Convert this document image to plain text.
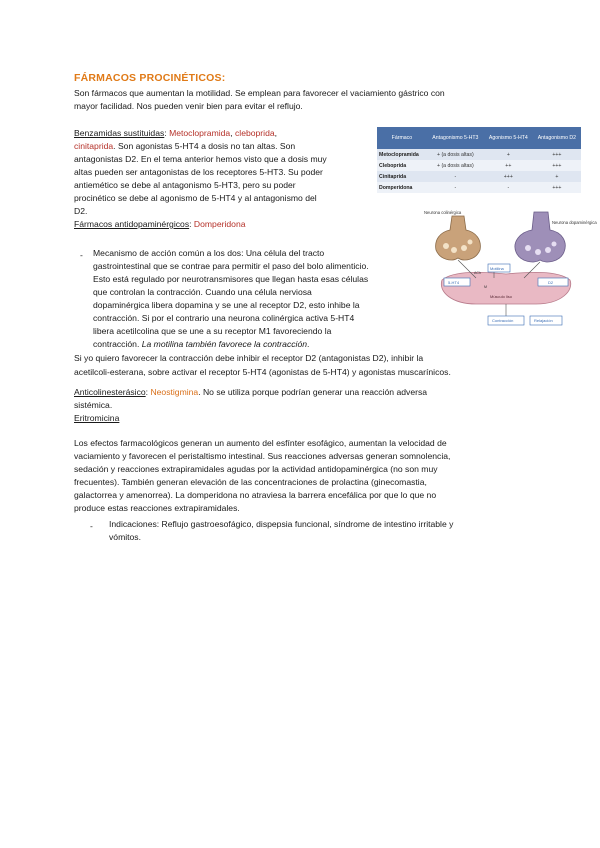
FÁRMACOS PROCINÉTICOS:
Son fármacos que aumentan la motilidad. Se emplean para favorecer el vaciamiento gástrico con
mayor facilidad. Nos pueden venir bien para evitar el reflujo.
Benzamidas sustituidas: Metoclopramida, cleboprida,
cinitaprida. Son agonistas 5-HT4 a dosis no tan altas. Son
antagonistas D2. En el tema anterior hemos visto que a dosis muy
altas pueden ser antagonistas de los receptores 5-HT3. Su poder
antiemético se debe al antagonismo 5-HT3, pero su poder
procinético se debe al agonismo de 5-HT4 y al antagonismo del
D2.
Fármaco	Antagonismo 5-HT3	Agonismo 5-HT4	Antagonismo D2
Metoclopramida	+ (a dosis altas)	+	+++
Cleboprida	+ (a dosis altas)	++	+++
Cinitaprida	-	+++	+
Domperidona	-	-	+++
Neurona colinérgica
Neurona dopaminérgica
Motilina
5-HT4	D2
ACh
M
Músculo liso
Contracción	Relajación
Fármacos antidopaminérgicos: Domperidona
- Mecanismo de acción común a los dos: Una célula del tracto
gastrointestinal que se contrae para permitir el paso del bolo alimenticio.
Esto está regulado por neurotransmisores que llegan hasta esas células
que controlan la contracción. Cuando una célula nerviosa
dopaminérgica libera dopamina y se une al receptor D2, esto inhibe la
contracción. Si por el contrario una neurona colinérgica activa 5-HT4
libera acetilcolina que se une a su receptor M1 favoreciendo la
contracción. La motilina también favorece la contracción.
Si yo quiero favorecer la contracción debe inhibir el receptor D2 (antagonistas D2), inhibir la
acetilcoli-esterana, sobre activar el receptor 5-HT4 (agonistas de 5-HT4) y agonistas muscarínicos.
Anticolinesterásico: Neostigmina. No se utiliza porque podrían generar una reacción adversa
sistémica.
Eritromicina
Los efectos farmacológicos generan un aumento del esfínter esofágico, aumentan la velocidad de
vaciamiento y favorecen el peristaltismo intestinal. Sus reacciones adversas generan somnolencia,
sedación y reacciones extrapiramidales agudas por la actividad antidopaminérgica (no son muy
frecuentes). También generan elevación de las concentraciones de prolactina (ginecomastia,
galactorrea y amenorrea). La domperidona no atraviesa la barrera encefálica por que lo que no
produce estas reacciones extrapiramidales.
- Indicaciones: Reflujo gastroesofágico, dispepsia funcional, síndrome de intestino irritable y
vómitos.
